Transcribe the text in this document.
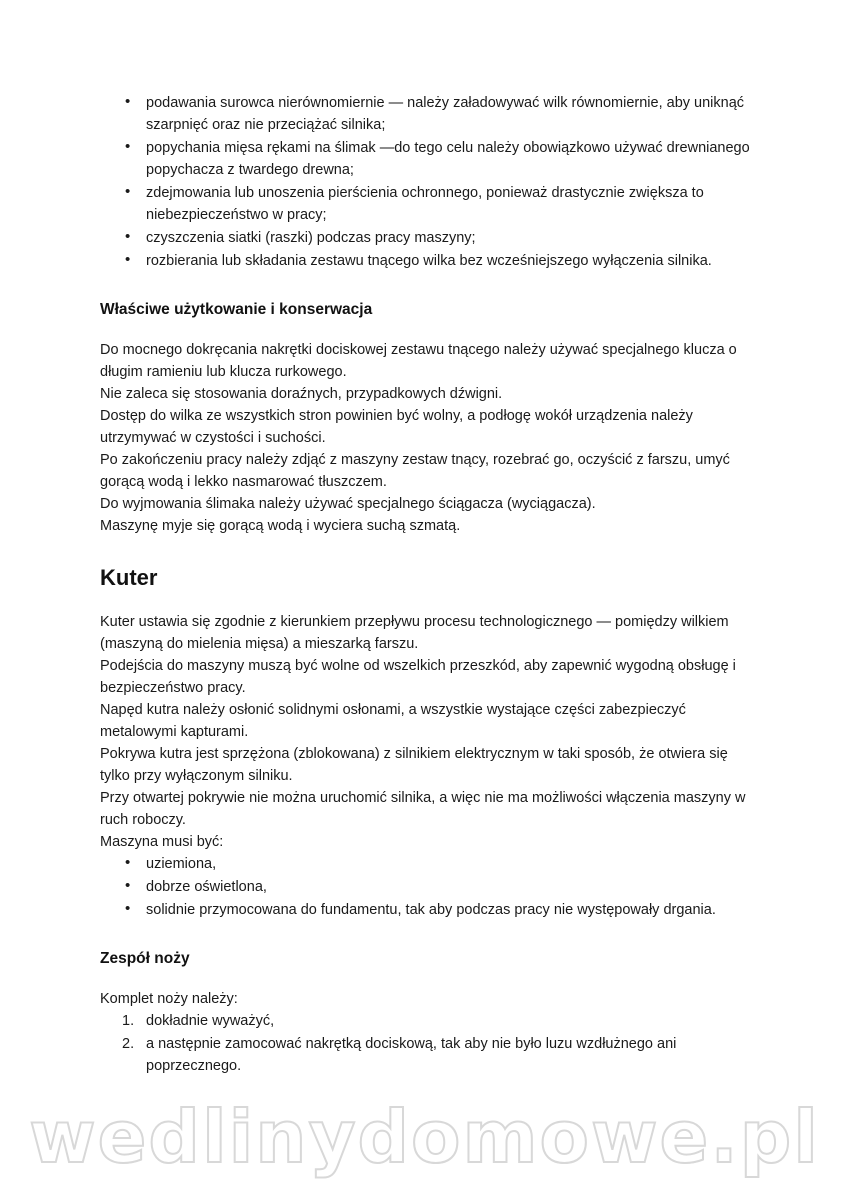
• podawania surowca nierównomiernie — należy załadowywać wilk równomiernie, aby uniknąć szarpnięć oraz nie przeciążać silnika;
• popychania mięsa rękami na ślimak —do tego celu należy obowiązkowo używać drewnianego popychacza z twardego drewna;
• zdejmowania lub unoszenia pierścienia ochronnego, ponieważ drastycznie zwiększa to niebezpieczeństwo w pracy;
• czyszczenia siatki (raszki) podczas pracy maszyny;
• rozbierania lub składania zestawu tnącego wilka bez wcześniejszego wyłączenia silnika.
Właściwe użytkowanie i konserwacja

Do mocnego dokręcania nakrętki dociskowej zestawu tnącego należy używać specjalnego klucza o długim ramieniu lub klucza rurkowego.

Nie zaleca się stosowania doraźnych, przypadkowych dźwigni.

Dostęp do wilka ze wszystkich stron powinien być wolny, a podłogę wokół urządzenia należy utrzymywać w czystości i suchości.

Po zakończeniu pracy należy zdjąć z maszyny zestaw tnący, rozebrać go, oczyścić z farszu, umyć gorącą wodą i lekko nasmarować tłuszczem.

Do wyjmowania ślimaka należy używać specjalnego ściągacza (wyciągacza).

Maszynę myje się gorącą wodą i wyciera suchą szmatą.

Kuter

Kuter ustawia się zgodnie z kierunkiem przepływu procesu technologicznego — pomiędzy wilkiem (maszyną do mielenia mięsa) a mieszarką farszu.

Podejścia do maszyny muszą być wolne od wszelkich przeszkód, aby zapewnić wygodną obsługę i bezpieczeństwo pracy.

Napęd kutra należy osłonić solidnymi osłonami, a wszystkie wystające części zabezpieczyć metalowymi kapturami.

Pokrywa kutra jest sprzężona (zblokowana) z silnikiem elektrycznym w taki sposób, że otwiera się tylko przy wyłączonym silniku.

Przy otwartej pokrywie nie można uruchomić silnika, a więc nie ma możliwości włączenia maszyny w ruch roboczy.

Maszyna musi być:

• uziemiona,
• dobrze oświetlona,
• solidnie przymocowana do fundamentu, tak aby podczas pracy nie występowały drgania.
Zespół noży

Komplet noży należy:

dokładnie wyważyć,
a następnie zamocować nakrętką dociskową, tak aby nie było luzu wzdłużnego ani poprzecznego.
wedlinydomowe.pl
